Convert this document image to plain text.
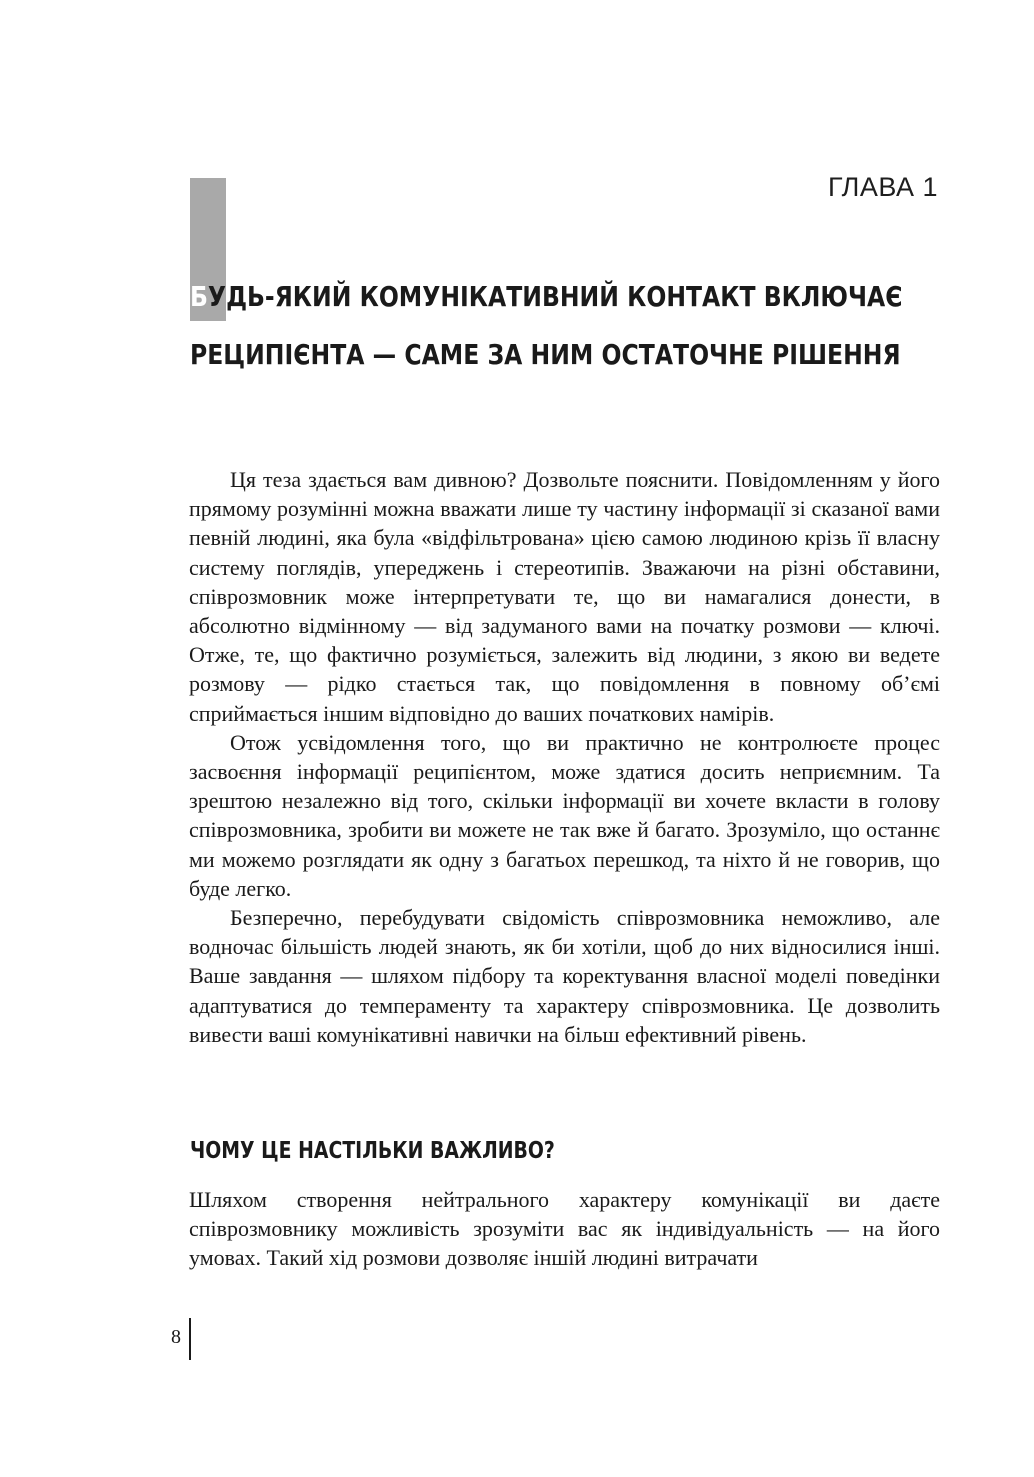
ГЛАВА 1
БУДЬ-ЯКИЙ КОМУНІКАТИВНИЙ КОНТАКТ ВКЛЮЧАЄ
РЕЦИПІЄНТА — САМЕ ЗА НИМ ОСТАТОЧНЕ РІШЕННЯ

Ця теза здається вам дивною? Дозвольте пояснити. Повідомленням у його прямому розумінні можна вважати лише ту частину інформації зі сказаної вами певній людині, яка була «відфільтрована» цією самою людиною крізь її власну систему поглядів, упереджень і стереотипів. Зважаючи на різні обставини, співрозмовник може інтерпретувати те, що ви намагалися донести, в абсолютно відмінному — від задуманого вами на початку розмови — ключі. Отже, те, що фактично розуміється, залежить від людини, з якою ви ведете розмову — рідко стається так, що повідомлення в повному об’ємі сприймається іншим відповідно до ваших початкових намірів.

Отож усвідомлення того, що ви практично не контролюєте процес засвоєння інформації реципієнтом, може здатися досить неприємним. Та зрештою незалежно від того, скільки інформації ви хочете вкласти в голову співрозмовника, зробити ви можете не так вже й багато. Зрозуміло, що останнє ми можемо розглядати як одну з багатьох перешкод, та ніхто й не говорив, що буде легко.

Безперечно, перебудувати свідомість співрозмовника неможливо, але водночас більшість людей знають, як би хотіли, щоб до них відносилися інші. Ваше завдання — шляхом підбору та коректування власної моделі поведінки адаптуватися до темпераменту та характеру співрозмовника. Це дозволить вивести ваші комунікативні навички на більш ефективний рівень.

ЧОМУ ЦЕ НАСТІЛЬКИ ВАЖЛИВО?

Шляхом створення нейтрального характеру комунікації ви даєте співрозмовнику можливість зрозуміти вас як індивідуальність — на його умовах. Такий хід розмови дозволяє іншій людині витрачати

8
